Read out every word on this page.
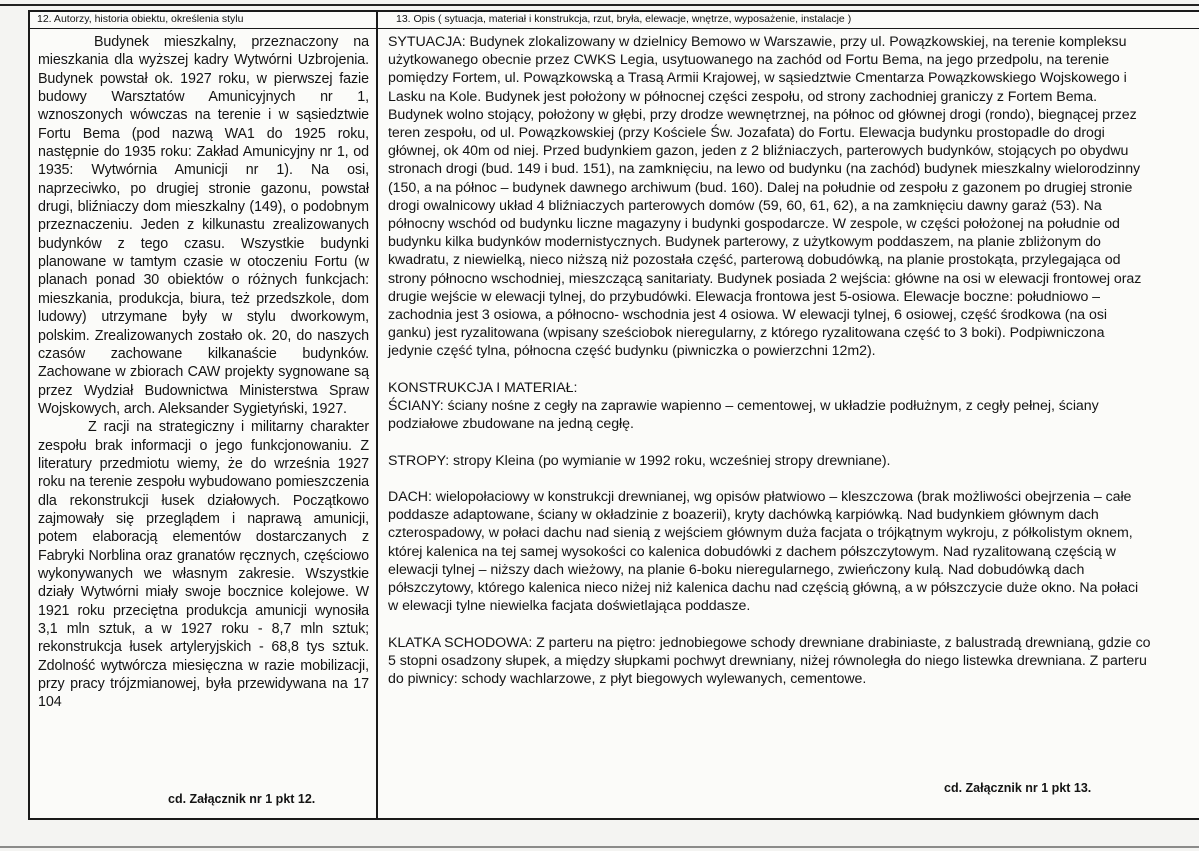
12. Autorzy, historia obiektu, określenia stylu	13. Opis ( sytuacja, materiał i konstrukcja, rzut, bryła, elewacje, wnętrze, wyposażenie, instalacje )

Budynek mieszkalny, przeznaczony na mieszkania dla wyższej kadry Wytwórni Uzbrojenia. Budynek powstał ok. 1927 roku, w pierwszej fazie budowy Warsztatów Amunicyjnych nr 1, wznoszonych wówczas na terenie i w sąsiedztwie Fortu Bema (pod nazwą WA1 do 1925 roku, następnie do 1935 roku: Zakład Amunicyjny nr 1, od 1935: Wytwórnia Amunicji nr 1). Na osi, naprzeciwko, po drugiej stronie gazonu, powstał drugi, bliźniaczy dom mieszkalny (149), o podobnym przeznaczeniu. Jeden z kilkunastu zrealizowanych budynków z tego czasu. Wszystkie budynki planowane w tamtym czasie w otoczeniu Fortu (w planach ponad 30 obiektów o różnych funkcjach: mieszkania, produkcja, biura, też przedszkole, dom ludowy) utrzymane były w stylu dworkowym, polskim. Zrealizowanych zostało ok. 20, do naszych czasów zachowane kilkanaście budynków. Zachowane w zbiorach CAW projekty sygnowane są przez Wydział Budownictwa Ministerstwa Spraw Wojskowych, arch. Aleksander Sygietyński, 1927.

Z racji na strategiczny i militarny charakter zespołu brak informacji o jego funkcjonowaniu. Z literatury przedmiotu wiemy, że do września 1927 roku na terenie zespołu wybudowano pomieszczenia dla rekonstrukcji łusek działowych. Początkowo zajmowały się przeglądem i naprawą amunicji, potem elaboracją elementów dostarczanych z Fabryki Norblina oraz granatów ręcznych, częściowo wykonywanych we własnym zakresie. Wszystkie działy Wytwórni miały swoje bocznice kolejowe. W 1921 roku przeciętna produkcja amunicji wynosiła 3,1 mln sztuk, a w 1927 roku - 8,7 mln sztuk; rekonstrukcja łusek artyleryjskich - 68,8 tys sztuk. Zdolność wytwórcza miesięczna w razie mobilizacji, przy pracy trójzmianowej, była przewidywana na 17 104

cd. Załącznik nr 1 pkt 12.

SYTUACJA: Budynek zlokalizowany w dzielnicy Bemowo w Warszawie, przy ul. Powązkowskiej, na terenie kompleksu użytkowanego obecnie przez CWKS Legia, usytuowanego na zachód od Fortu Bema, na jego przedpolu, na terenie pomiędzy Fortem, ul. Powązkowską a Trasą Armii Krajowej, w sąsiedztwie Cmentarza Powązkowskiego Wojskowego i Lasku na Kole. Budynek jest położony w północnej części zespołu, od strony zachodniej graniczy z Fortem Bema. Budynek wolno stojący, położony w głębi, przy drodze wewnętrznej, na północ od głównej drogi (rondo), biegnącej przez teren zespołu, od ul. Powązkowskiej (przy Kościele Św. Jozafata) do Fortu. Elewacja budynku prostopadle do drogi głównej, ok 40m od niej. Przed budynkiem gazon, jeden z 2 bliźniaczych, parterowych budynków, stojących po obydwu stronach drogi (bud. 149 i bud. 151), na zamknięciu, na lewo od budynku (na zachód) budynek mieszkalny wielorodzinny (150, a na północ – budynek dawnego archiwum (bud. 160). Dalej na południe od zespołu z gazonem po drugiej stronie drogi owalnicowy układ 4 bliźniaczych parterowych domów (59, 60, 61, 62), a na zamknięciu dawny garaż (53). Na północny wschód od budynku liczne magazyny i budynki gospodarcze. W zespole, w części położonej na południe od budynku kilka budynków modernistycznych. Budynek parterowy, z użytkowym poddaszem, na planie zbliżonym do kwadratu, z niewielką, nieco niższą niż pozostała część, parterową dobudówką, na planie prostokąta, przylegająca od strony północno wschodniej, mieszczącą sanitariaty. Budynek posiada 2 wejścia: główne na osi w elewacji frontowej oraz drugie wejście w elewacji tylnej, do przybudówki. Elewacja frontowa jest 5-osiowa. Elewacje boczne: południowo – zachodnia jest 3 osiowa, a północno- wschodnia jest 4 osiowa. W elewacji tylnej, 6 osiowej, część środkowa (na osi ganku) jest ryzalitowana (wpisany sześciobok nieregularny, z którego ryzalitowana część to 3 boki). Podpiwniczona jedynie część tylna, północna część budynku (piwniczka o powierzchni 12m2).

KONSTRUKCJA I MATERIAŁ:

ŚCIANY: ściany nośne z cegły na zaprawie wapienno – cementowej, w układzie podłużnym, z cegły pełnej, ściany podziałowe zbudowane na jedną cegłę.

STROPY: stropy Kleina (po wymianie w 1992 roku, wcześniej stropy drewniane).

DACH: wielopołaciowy w konstrukcji drewnianej, wg opisów płatwiowo – kleszczowa (brak możliwości obejrzenia – całe poddasze adaptowane, ściany w okładzinie z boazerii), kryty dachówką karpiówką. Nad budynkiem głównym dach czterospadowy, w połaci dachu nad sienią z wejściem głównym duża facjata o trójkątnym wykroju, z półkolistym oknem, której kalenica na tej samej wysokości co kalenica dobudówki z dachem półszczytowym. Nad ryzalitowaną częścią w elewacji tylnej – niższy dach wieżowy, na planie 6-boku nieregularnego, zwieńczony kulą. Nad dobudówką dach półszczytowy, którego kalenica nieco niżej niż kalenica dachu nad częścią główną, a w półszczycie duże okno. Na połaci w elewacji tylne niewielka facjata doświetlająca poddasze.

KLATKA SCHODOWA: Z parteru na piętro: jednobiegowe schody drewniane drabiniaste, z balustradą drewnianą, gdzie co 5 stopni osadzony słupek, a między słupkami pochwyt drewniany, niżej równoległa do niego listewka drewniana. Z parteru do piwnicy: schody wachlarzowe, z płyt biegowych wylewanych, cementowe.

cd. Załącznik nr 1 pkt 13.
